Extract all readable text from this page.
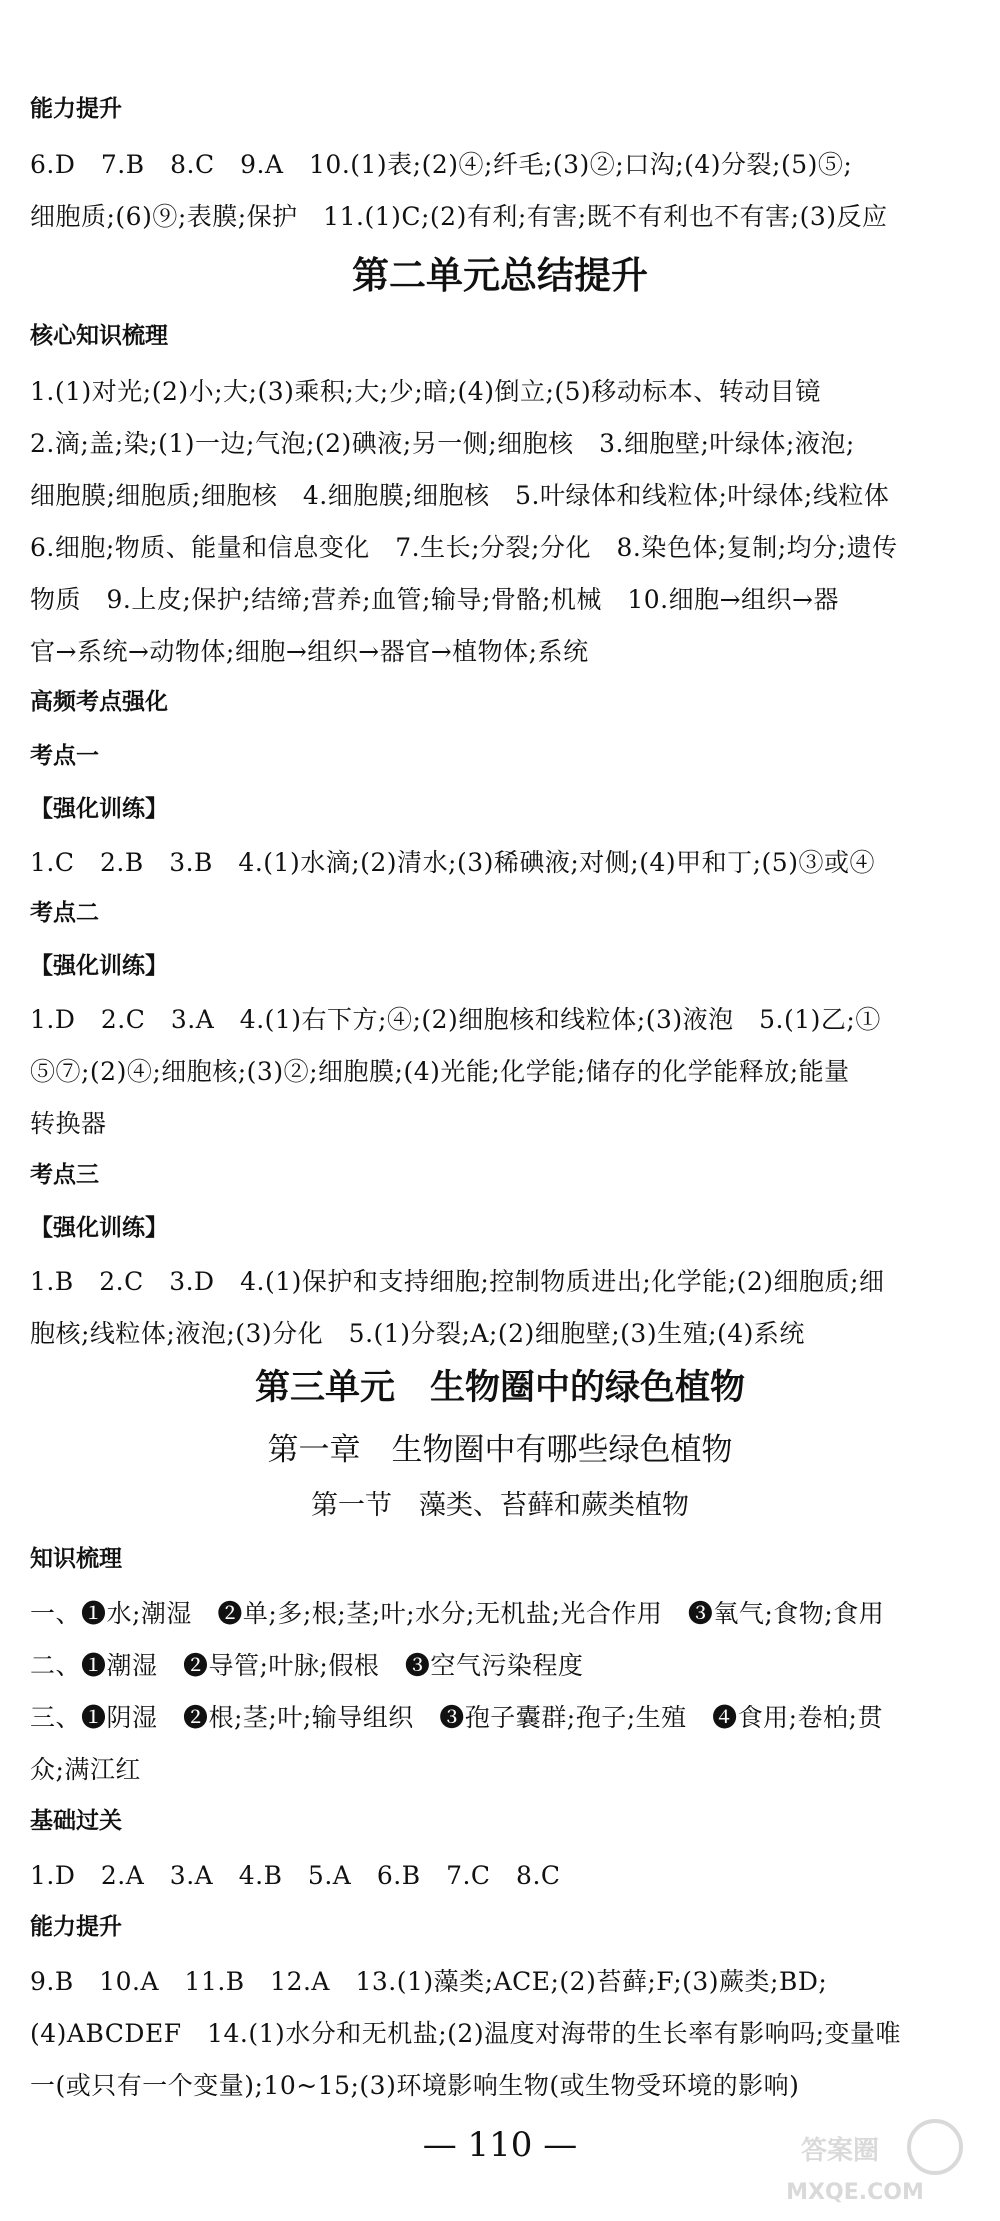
能力提升
6.D　7.B　8.C　9.A　10.(1)表;(2)④;纤毛;(3)②;口沟;(4)分裂;(5)⑤;
细胞质;(6)⑨;表膜;保护　11.(1)C;(2)有利;有害;既不有利也不有害;(3)反应
第二单元总结提升
核心知识梳理
1.(1)对光;(2)小;大;(3)乘积;大;少;暗;(4)倒立;(5)移动标本、转动目镜
2.滴;盖;染;(1)一边;气泡;(2)碘液;另一侧;细胞核　3.细胞壁;叶绿体;液泡;
细胞膜;细胞质;细胞核　4.细胞膜;细胞核　5.叶绿体和线粒体;叶绿体;线粒体
6.细胞;物质、能量和信息变化　7.生长;分裂;分化　8.染色体;复制;均分;遗传
物质　9.上皮;保护;结缔;营养;血管;输导;骨骼;机械　10.细胞→组织→器
官→系统→动物体;细胞→组织→器官→植物体;系统
高频考点强化
考点一
【强化训练】
1.C　2.B　3.B　4.(1)水滴;(2)清水;(3)稀碘液;对侧;(4)甲和丁;(5)③或④
考点二
【强化训练】
1.D　2.C　3.A　4.(1)右下方;④;(2)细胞核和线粒体;(3)液泡　5.(1)乙;①
⑤⑦;(2)④;细胞核;(3)②;细胞膜;(4)光能;化学能;储存的化学能释放;能量
转换器
考点三
【强化训练】
1.B　2.C　3.D　4.(1)保护和支持细胞;控制物质进出;化学能;(2)细胞质;细
胞核;线粒体;液泡;(3)分化　5.(1)分裂;A;(2)细胞壁;(3)生殖;(4)系统
第三单元　生物圈中的绿色植物
第一章　生物圈中有哪些绿色植物
第一节　藻类、苔藓和蕨类植物
知识梳理
一、❶水;潮湿　❷单;多;根;茎;叶;水分;无机盐;光合作用　❸氧气;食物;食用
二、❶潮湿　❷导管;叶脉;假根　❸空气污染程度
三、❶阴湿　❷根;茎;叶;输导组织　❸孢子囊群;孢子;生殖　❹食用;卷柏;贯
众;满江红
基础过关
1.D　2.A　3.A　4.B　5.A　6.B　7.C　8.C
能力提升
9.B　10.A　11.B　12.A　13.(1)藻类;ACE;(2)苔藓;F;(3)蕨类;BD;
(4)ABCDEF　14.(1)水分和无机盐;(2)温度对海带的生长率有影响吗;变量唯
一(或只有一个变量);10~15;(3)环境影响生物(或生物受环境的影响)
— 110 —	答案圈
MXQE.COM
